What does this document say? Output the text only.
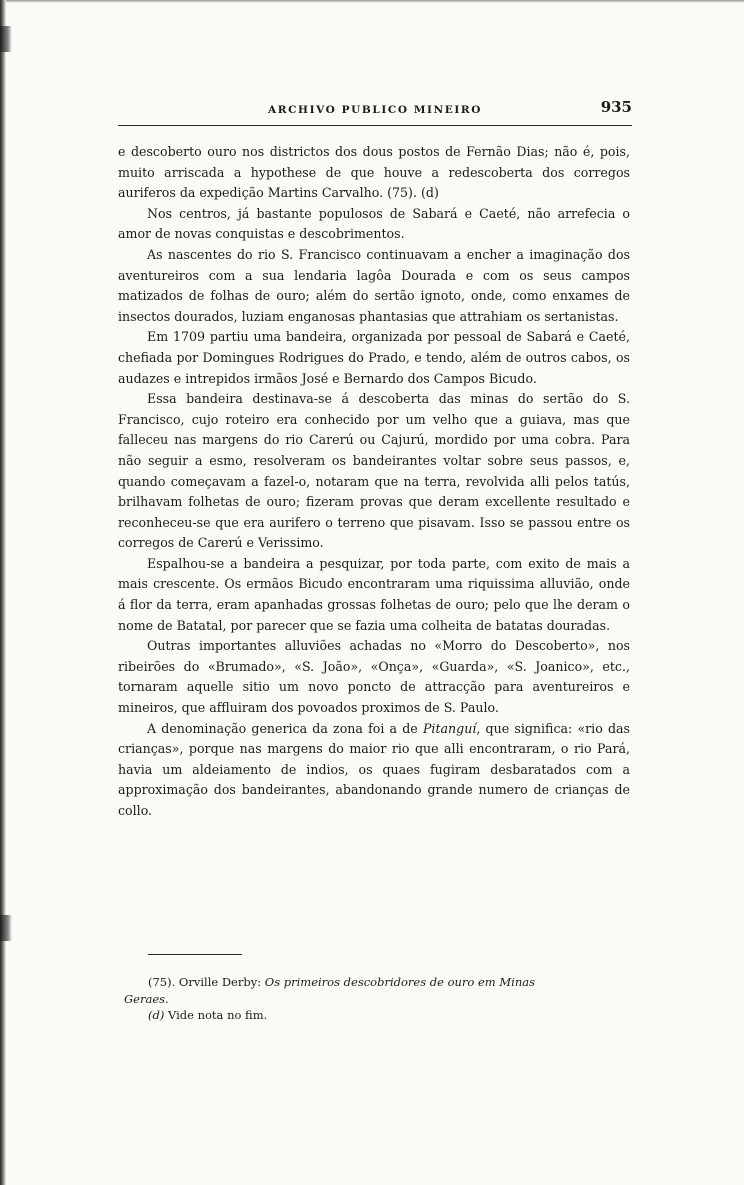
ARCHIVO PUBLICO MINEIRO	935

e descoberto ouro nos districtos dos dous postos de Fernão Dias; não é, pois, muito arriscada a hypothese de que houve a redescoberta dos corregos auriferos da expedição Martins Carvalho. (75). (d)

Nos centros, já bastante populosos de Sabará e Caeté, não arrefecia o amor de novas conquistas e descobrimentos.

As nascentes do rio S. Francisco continuavam a encher a imaginação dos aventureiros com a sua lendaria lagôa Dourada e com os seus campos matizados de folhas de ouro; além do sertão ignoto, onde, como enxames de insectos dourados, luziam enganosas phantasias que attrahiam os sertanistas.

Em 1709 partiu uma bandeira, organizada por pessoal de Sabará e Caeté, chefiada por Domingues Rodrigues do Prado, e tendo, além de outros cabos, os audazes e intrepidos irmãos José e Bernardo dos Campos Bicudo.

Essa bandeira destinava-se á descoberta das minas do sertão do S. Francisco, cujo roteiro era conhecido por um velho que a guiava, mas que falleceu nas margens do rio Carerú ou Cajurú, mordido por uma cobra. Para não seguir a esmo, resolveram os bandeirantes voltar sobre seus passos, e, quando começavam a fazel-o, notaram que na terra, revolvida alli pelos tatús, brilhavam folhetas de ouro; fizeram provas que deram excellente resultado e reconheceu-se que era aurifero o terreno que pisavam. Isso se passou entre os corregos de Carerú e Verissimo.

Espalhou-se a bandeira a pesquizar, por toda parte, com exito de mais a mais crescente. Os ermãos Bicudo encontraram uma riquissima alluvião, onde á flor da terra, eram apanhadas grossas folhetas de ouro; pelo que lhe deram o nome de Batatal, por parecer que se fazia uma colheita de batatas douradas.

Outras importantes alluviões achadas no «Morro do Descoberto», nos ribeirões do «Brumado», «S. João», «Onça», «Guarda», «S. Joanico», etc., tornaram aquelle sitio um novo poncto de attracção para aventureiros e mineiros, que affluiram dos povoados proximos de S. Paulo.

A denominação generica da zona foi a de Pitanguí, que significa: «rio das crianças», porque nas margens do maior rio que alli encontraram, o rio Pará, havia um aldeiamento de indios, os quaes fugiram desbaratados com a approximação dos bandeirantes, abandonando grande numero de crianças de collo.

(75). Orville Derby: Os primeiros descobridores de ouro em Minas

Geraes.

(d) Vide nota no fim.
